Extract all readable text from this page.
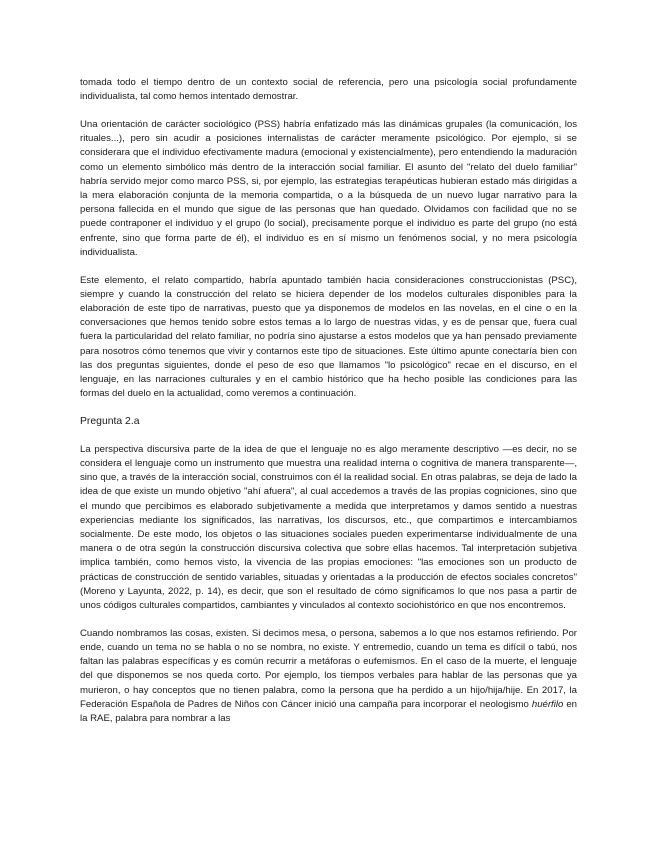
tomada todo el tiempo dentro de un contexto social de referencia, pero una psicología social profundamente individualista, tal como hemos intentado demostrar.

Una orientación de carácter sociológico (PSS) habría enfatizado más las dinámicas grupales (la comunicación, los rituales...), pero sin acudir a posiciones internalistas de carácter meramente psicológico. Por ejemplo, si se considerara que el individuo efectivamente madura (emocional y existencialmente), pero entendiendo la maduración como un elemento simbólico más dentro de la interacción social familiar. El asunto del "relato del duelo familiar" habría servido mejor como marco PSS, si, por ejemplo, las estrategias terapéuticas hubieran estado más dirigidas a la mera elaboración conjunta de la memoria compartida, o a la búsqueda de un nuevo lugar narrativo para la persona fallecida en el mundo que sigue de las personas que han quedado. Olvidamos con facilidad que no se puede contraponer el individuo y el grupo (lo social), precisamente porque el individuo es parte del grupo (no está enfrente, sino que forma parte de él), el individuo es en sí mismo un fenómenos social, y no mera psicología individualista.

Este elemento, el relato compartido, habría apuntado también hacia consideraciones construccionistas (PSC), siempre y cuando la construcción del relato se hiciera depender de los modelos culturales disponibles para la elaboración de este tipo de narrativas, puesto que ya disponemos de modelos en las novelas, en el cine o en la conversaciones que hemos tenido sobre estos temas a lo largo de nuestras vidas, y es de pensar que, fuera cual fuera la particularidad del relato familiar, no podría sino ajustarse a estos modelos que ya han pensado previamente para nosotros cómo tenemos que vivir y contarnos este tipo de situaciones. Este último apunte conectaría bien con las dos preguntas siguientes, donde el peso de eso que llamamos "lo psicológico" recae en el discurso, en el lenguaje, en las narraciones culturales y en el cambio histórico que ha hecho posible las condiciones para las formas del duelo en la actualidad, como veremos a continuación.

Pregunta 2.a

La perspectiva discursiva parte de la idea de que el lenguaje no es algo meramente descriptivo —es decir, no se considera el lenguaje como un instrumento que muestra una realidad interna o cognitiva de manera transparente—, sino que, a través de la interacción social, construimos con él la realidad social. En otras palabras, se deja de lado la idea de que existe un mundo objetivo "ahí afuera", al cual accedemos a través de las propias cogniciones, sino que el mundo que percibimos es elaborado subjetivamente a medida que interpretamos y damos sentido a nuestras experiencias mediante los significados, las narrativas, los discursos, etc., que compartimos e intercambiamos socialmente. De este modo, los objetos o las situaciones sociales pueden experimentarse individualmente de una manera o de otra según la construcción discursiva colectiva que sobre ellas hacemos. Tal interpretación subjetiva implica también, como hemos visto, la vivencia de las propias emociones: "las emociones son un producto de prácticas de construcción de sentido variables, situadas y orientadas a la producción de efectos sociales concretos" (Moreno y Layunta, 2022, p. 14), es decir, que son el resultado de cómo significamos lo que nos pasa a partir de unos códigos culturales compartidos, cambiantes y vinculados al contexto sociohistórico en que nos encontremos.

Cuando nombramos las cosas, existen. Si decimos mesa, o persona, sabemos a lo que nos estamos refiriendo. Por ende, cuando un tema no se habla o no se nombra, no existe. Y entremedio, cuando un tema es difícil o tabú, nos faltan las palabras específicas y es común recurrir a metáforas o eufemismos. En el caso de la muerte, el lenguaje del que disponemos se nos queda corto. Por ejemplo, los tiempos verbales para hablar de las personas que ya murieron, o hay conceptos que no tienen palabra, como la persona que ha perdido a un hijo/hija/hije. En 2017, la Federación Española de Padres de Niños con Cáncer inició una campaña para incorporar el neologismo huérfilo en la RAE, palabra para nombrar a las
